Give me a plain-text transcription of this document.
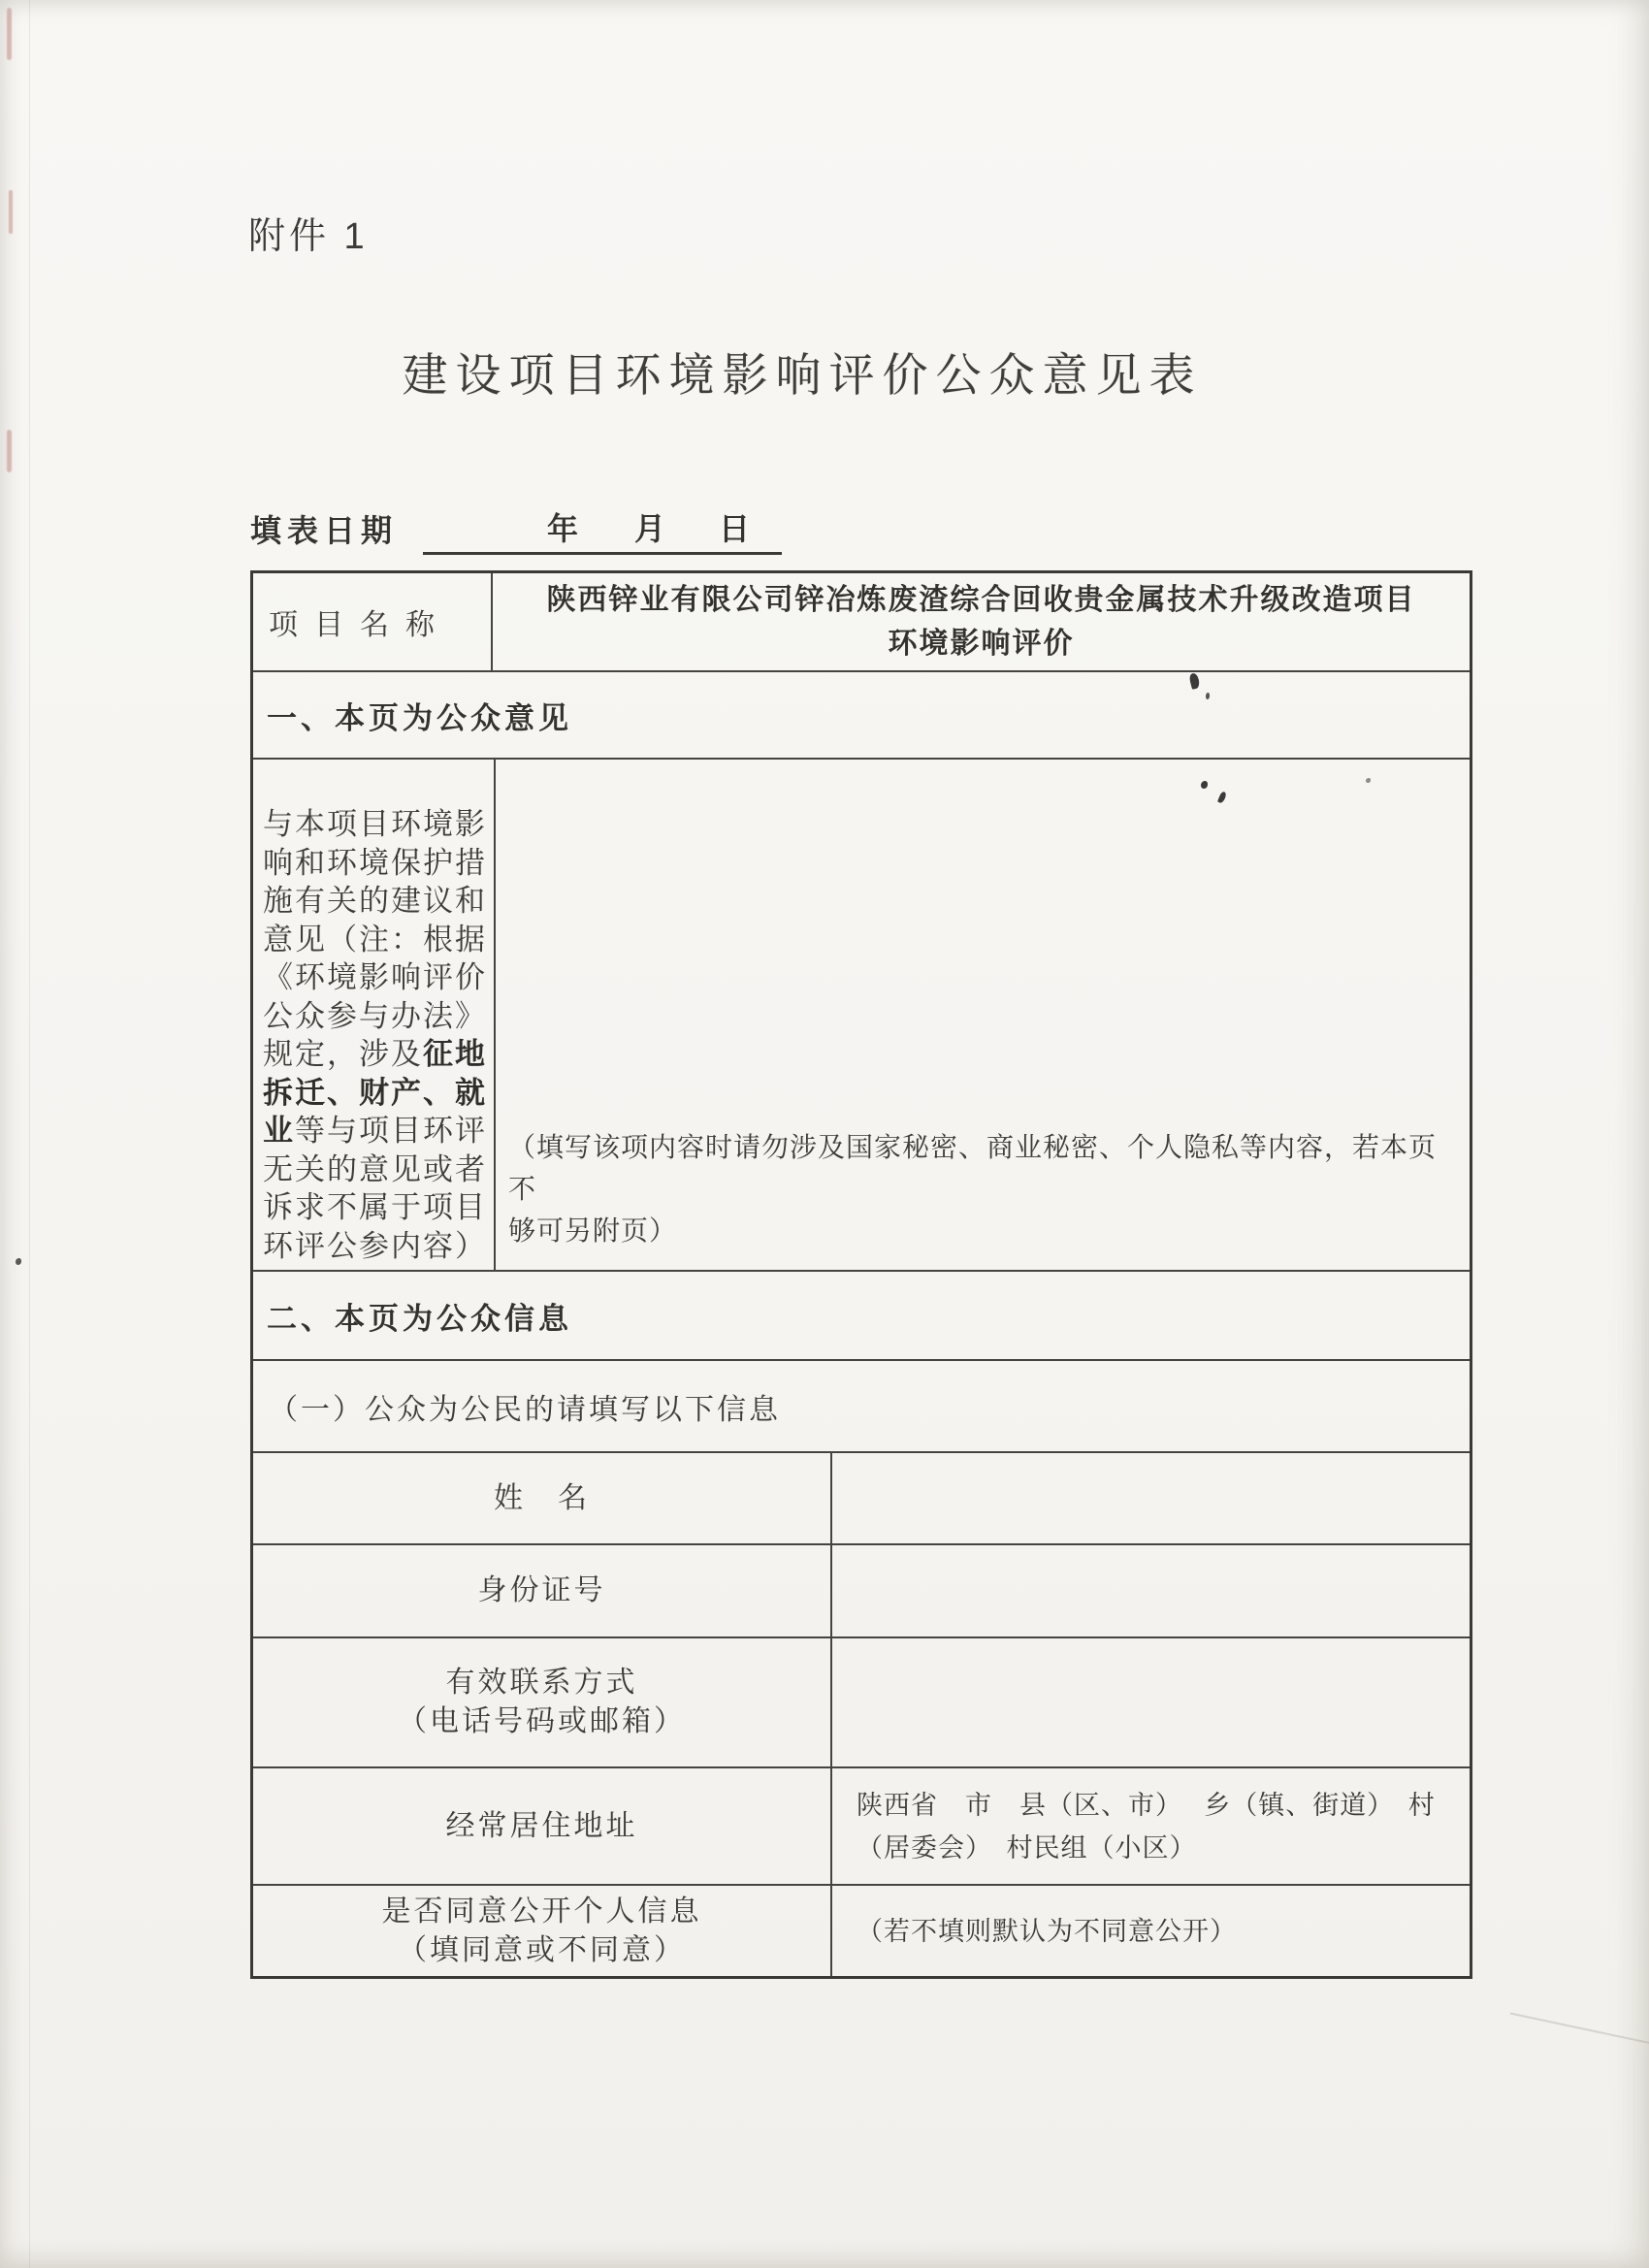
附件 1
建设项目环境影响评价公众意见表
填表日期	年 月 日
项目名称
陕西锌业有限公司锌冶炼废渣综合回收贵金属技术升级改造项目
环境影响评价
一、本页为公众意见
与 本 项 目 环 境 影
响 和 环 境 保 护 措
施 有 关 的 建 议 和
意 见 （ 注 ： 根 据
《 环 境 影 响 评 价
公 众 参 与 办 法 》
规 定 ， 涉 及 征 地
拆 迁 、 财 产 、 就
业 等 与 项 目 环 评
无 关 的 意 见 或 者
诉 求 不 属 于 项 目
环 评 公 参 内 容 ）
（填写该项内容时请勿涉及国家秘密、商业秘密、个人隐私等内容，若本页不
够可另附页）
二、本页为公众信息
（一）公众为公民的请填写以下信息
姓　名
身份证号
有效联系方式
（电话号码或邮箱）
经常居住地址
陕西省　市　县（区、市）　 乡（镇、街道）　村
（居委会）　村民组（小区）
是否同意公开个人信息
（填同意或不同意）
（若不填则默认为不同意公开）
